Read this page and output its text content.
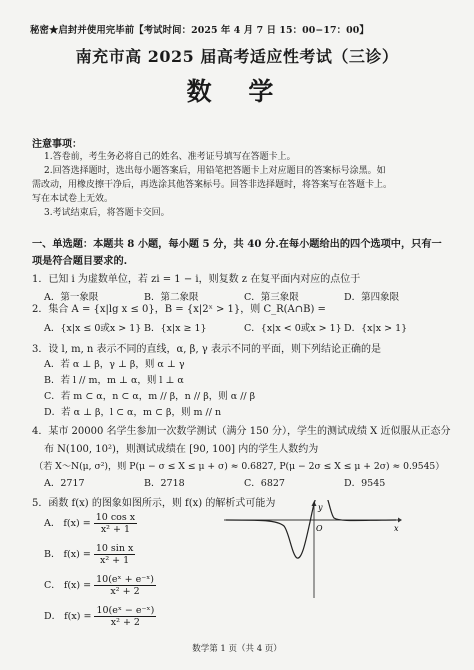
秘密★启封并使用完毕前【考试时间：2025 年 4 月 7 日 15：00−17：00】
南充市高 2025 届高考适应性考试（三诊）
数 学
注意事项：
1.答卷前，考生务必将自己的姓名、准考证号填写在答题卡上。
2.回答选择题时，选出每小题答案后，用铅笔把答题卡上对应题目的答案标号涂黑。如
需改动，用橡皮擦干净后，再选涂其他答案标号。回答非选择题时，将答案写在答题卡上。
写在本试卷上无效。
3.考试结束后，将答题卡交回。
一、单选题：本题共 8 小题，每小题 5 分，共 40 分.在每小题给出的四个选项中，只有一项是符合题目要求的.
1．已知 i 为虚数单位，若 zi = 1 − i，则复数 z 在复平面内对应的点位于
A．第一象限	B．第二象限	C．第三象限	D．第四象限
2．集合 A = {x|lg x ≤ 0}，B = {x|2ˣ > 1}，则 C_R(A∩B) =
A．{x|x ≤ 0或x > 1} B．{x|x ≥ 1}	C．{x|x < 0或x > 1} D．{x|x > 1}
3．设 l, m, n 表示不同的直线，α, β, γ 表示不同的平面，则下列结论正确的是
A．若 α ⊥ β，γ ⊥ β，则 α ⊥ γ
B．若 l // m，m ⊥ α，则 l ⊥ α
C．若 m ⊂ α，n ⊂ α，m // β，n // β，则 α // β
D．若 α ⊥ β，l ⊂ α，m ⊂ β，则 m // n
4．某市 20000 名学生参加一次数学测试（满分 150 分），学生的测试成绩 X 近似服从正态分
布 N(100, 10²)，则测试成绩在 [90, 100] 内的学生人数约为
（若 X～N(μ, σ²)，则 P(μ − σ ≤ X ≤ μ + σ) ≈ 0.6827, P(μ − 2σ ≤ X ≤ μ + 2σ) ≈ 0.9545）
A．2717	B．2718	C．6827	D．9545
5．函数 f(x) 的图象如图所示，则 f(x) 的解析式可能为
A． $f(x) = \frac{\text{10 cos x}}{\text{x² + 1}}$
B． $f(x) = \frac{\text{10 sin x}}{\text{x² + 1}}$
C． $f(x) = \frac{\text{10(eˣ + e⁻ˣ)}}{\text{x² + 2}}$
D． $f(x) = \frac{\text{10(eˣ − e⁻ˣ)}}{\text{x² + 2}}$
y
x
O
数学第 1 页（共 4 页）
